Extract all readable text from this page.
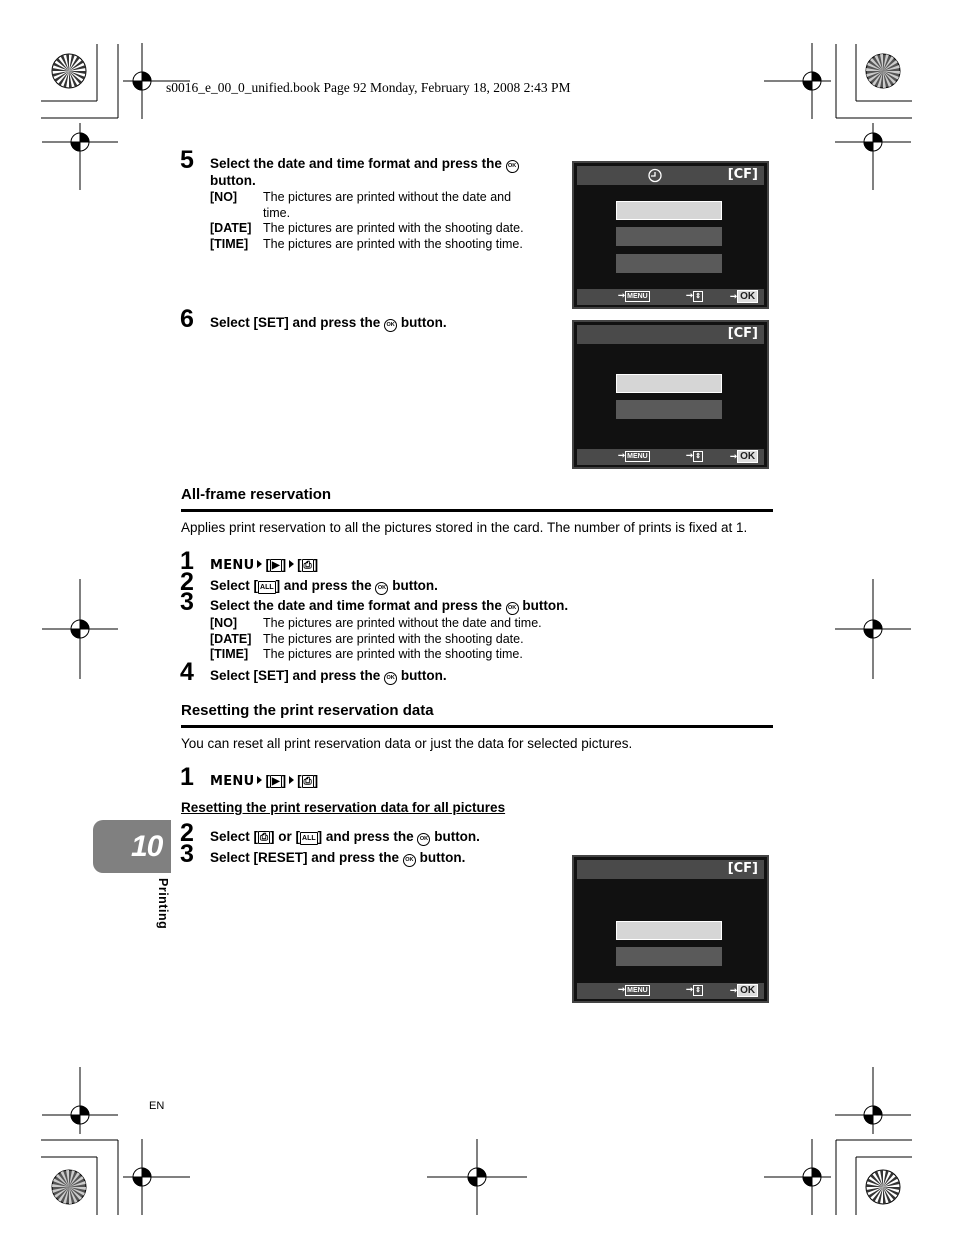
s0016_e_00_0_unified.book Page 92 Monday, February 18, 2008 2:43 PM
5 Select the date and time format and press the OK
button.
[NO] The pictures are printed without the date and
time.
[DATE] The pictures are printed with the shooting date.
[TIME] The pictures are printed with the shooting time.
[CF]
➞ MENU	➞ ⇕	➞ OK
6 Select [SET] and press the OK button.
[CF]
➞ MENU	➞ ⇕	➞ OK
All-frame reservation
Applies print reservation to all the pictures stored in the card. The number of prints is fixed at 1.
1 MENU [ ▶ ] [ ⎙ ]
2 Select [ ALL ] and press the OK button.
3 Select the date and time format and press the OK button.
[NO] The pictures are printed without the date and time.
[DATE] The pictures are printed with the shooting date.
[TIME] The pictures are printed with the shooting time.
4 Select [SET] and press the OK button.
Resetting the print reservation data
You can reset all print reservation data or just the data for selected pictures.
1 MENU [ ▶ ] [ ⎙ ]
Resetting the print reservation data for all pictures
2 Select [ ⎙ ] or [ ALL ] and press the OK button.
3 Select [RESET] and press the OK button.
[CF]
➞ MENU	➞ ⇕	➞ OK
10
Printing
EN
